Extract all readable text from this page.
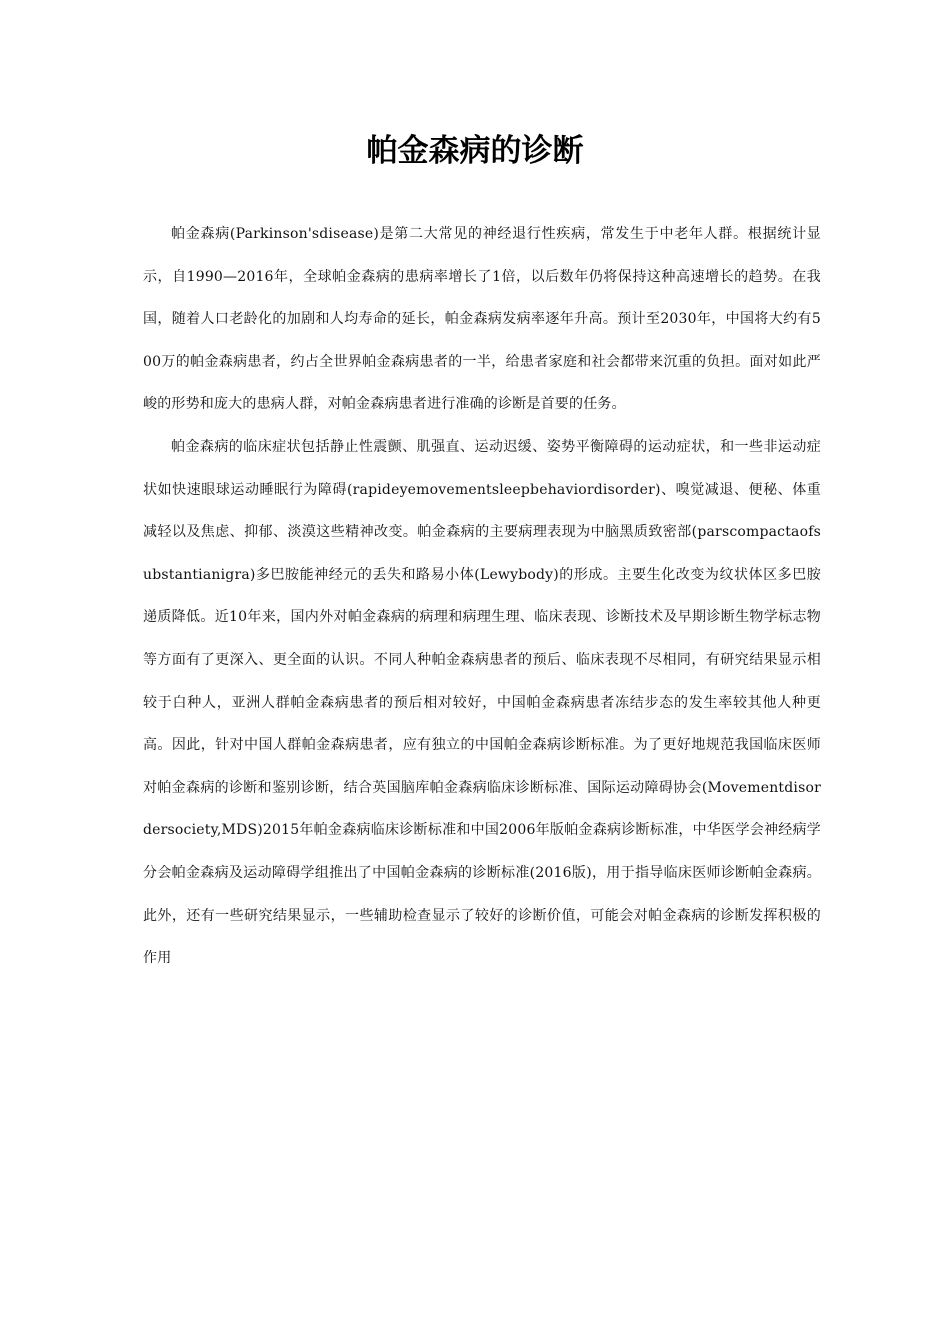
帕金森病的诊断

帕金森病(Parkinson'sdisease)是第二大常见的神经退行性疾病，常发生于中老年人群。根据统计显示，自1990—2016年，全球帕金森病的患病率增长了1倍，以后数年仍将保持这种高速增长的趋势。在我国，随着人口老龄化的加剧和人均寿命的延长，帕金森病发病率逐年升高。预计至2030年，中国将大约有500万的帕金森病患者，约占全世界帕金森病患者的一半，给患者家庭和社会都带来沉重的负担。面对如此严峻的形势和庞大的患病人群，对帕金森病患者进行准确的诊断是首要的任务。

帕金森病的临床症状包括静止性震颤、肌强直、运动迟缓、姿势平衡障碍的运动症状，和一些非运动症状如快速眼球运动睡眠行为障碍(rapideyemovementsleepbehaviordisorder)、嗅觉减退、便秘、体重减轻以及焦虑、抑郁、淡漠这些精神改变。帕金森病的主要病理表现为中脑黑质致密部(parscompactaofsubstantianigra)多巴胺能神经元的丢失和路易小体(Lewybody)的形成。主要生化改变为纹状体区多巴胺递质降低。近10年来，国内外对帕金森病的病理和病理生理、临床表现、诊断技术及早期诊断生物学标志物等方面有了更深入、更全面的认识。不同人种帕金森病患者的预后、临床表现不尽相同，有研究结果显示相较于白种人，亚洲人群帕金森病患者的预后相对较好，中国帕金森病患者冻结步态的发生率较其他人种更高。因此，针对中国人群帕金森病患者，应有独立的中国帕金森病诊断标准。为了更好地规范我国临床医师对帕金森病的诊断和鉴别诊断，结合英国脑库帕金森病临床诊断标准、国际运动障碍协会(Movementdisordersociety,MDS)2015年帕金森病临床诊断标准和中国2006年版帕金森病诊断标准，中华医学会神经病学分会帕金森病及运动障碍学组推出了中国帕金森病的诊断标准(2016版)，用于指导临床医师诊断帕金森病。此外，还有一些研究结果显示，一些辅助检查显示了较好的诊断价值，可能会对帕金森病的诊断发挥积极的作用
